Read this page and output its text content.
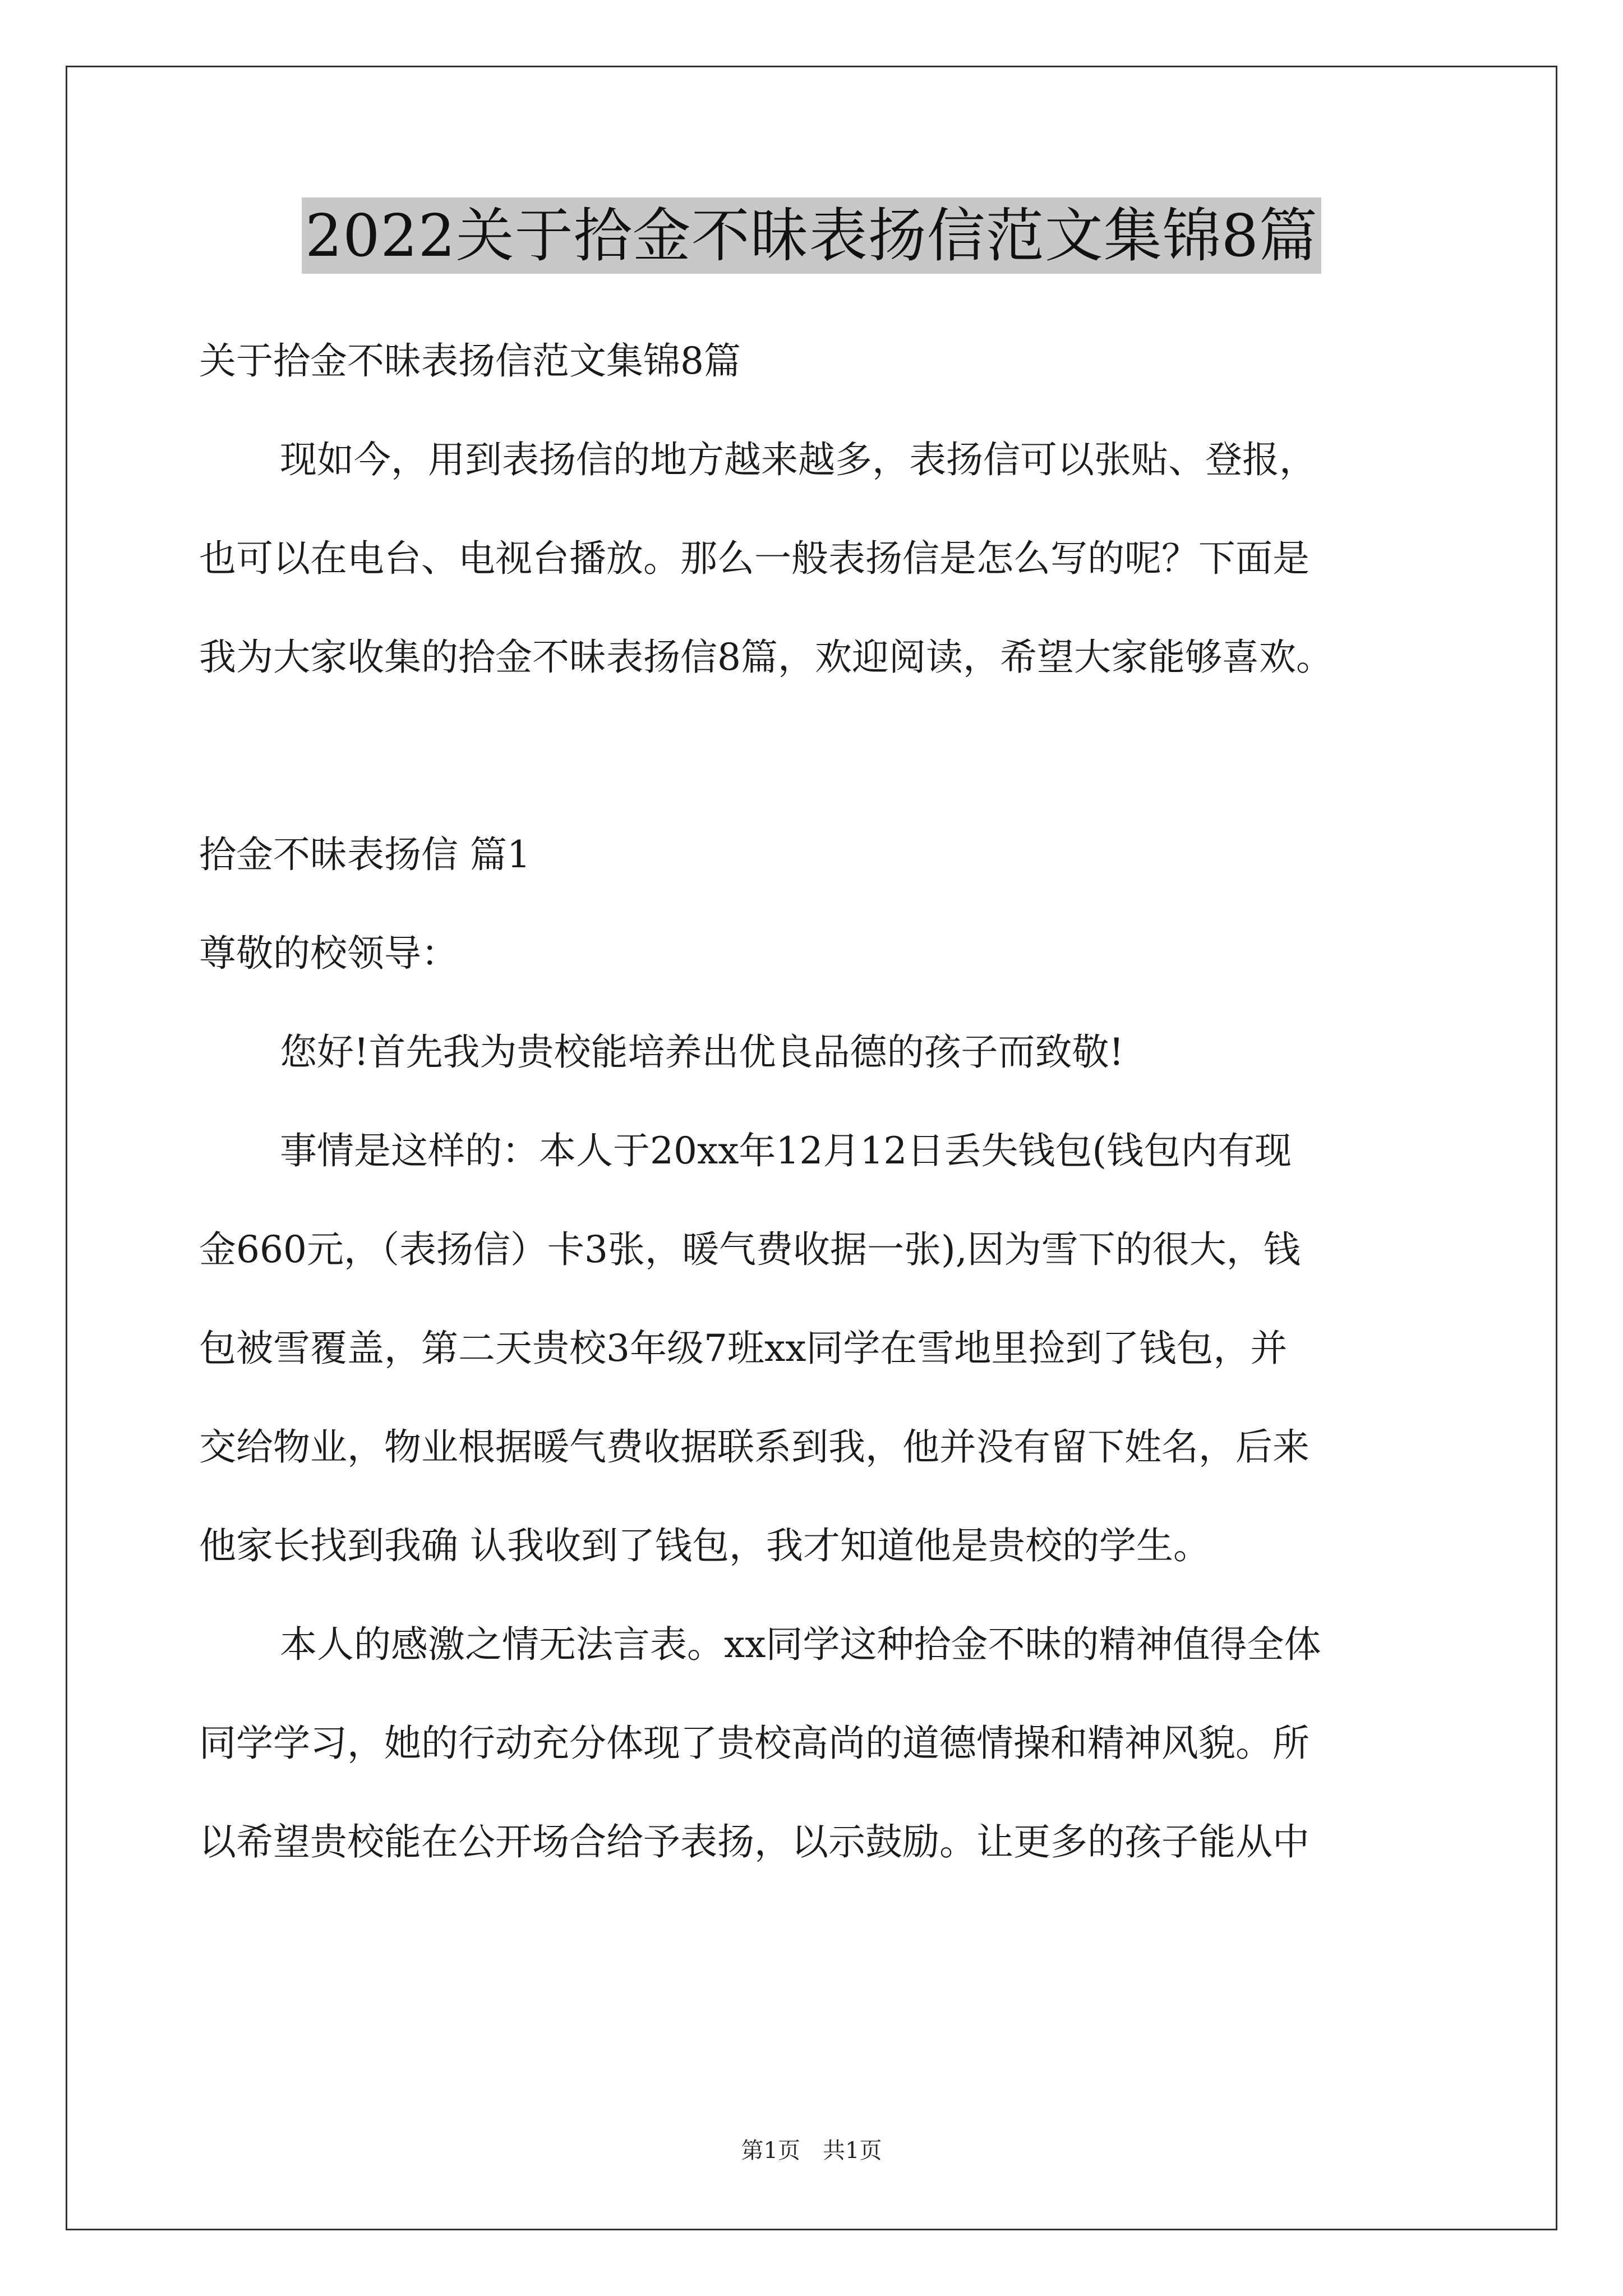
2022关于拾金不昧表扬信范文集锦8篇

关于拾金不昧表扬信范文集锦8篇

现如今，用到表扬信的地方越来越多，表扬信可以张贴、登报，

也可以在电台、电视台播放。那么一般表扬信是怎么写的呢？下面是

我为大家收集的拾金不昧表扬信8篇，欢迎阅读，希望大家能够喜欢。

拾金不昧表扬信 篇1

尊敬的校领导：

您好!首先我为贵校能培养出优良品德的孩子而致敬!

事情是这样的：本人于20xx年12月12日丢失钱包(钱包内有现

金660元，（表扬信）卡3张，暖气费收据一张),因为雪下的很大，钱

包被雪覆盖，第二天贵校3年级7班xx同学在雪地里捡到了钱包，并

交给物业，物业根据暖气费收据联系到我，他并没有留下姓名，后来

他家长找到我确 认我收到了钱包，我才知道他是贵校的学生。

本人的感激之情无法言表。xx同学这种拾金不昧的精神值得全体

同学学习，她的行动充分体现了贵校高尚的道德情操和精神风貌。所

以希望贵校能在公开场合给予表扬，以示鼓励。让更多的孩子能从中

第1页 共1页
